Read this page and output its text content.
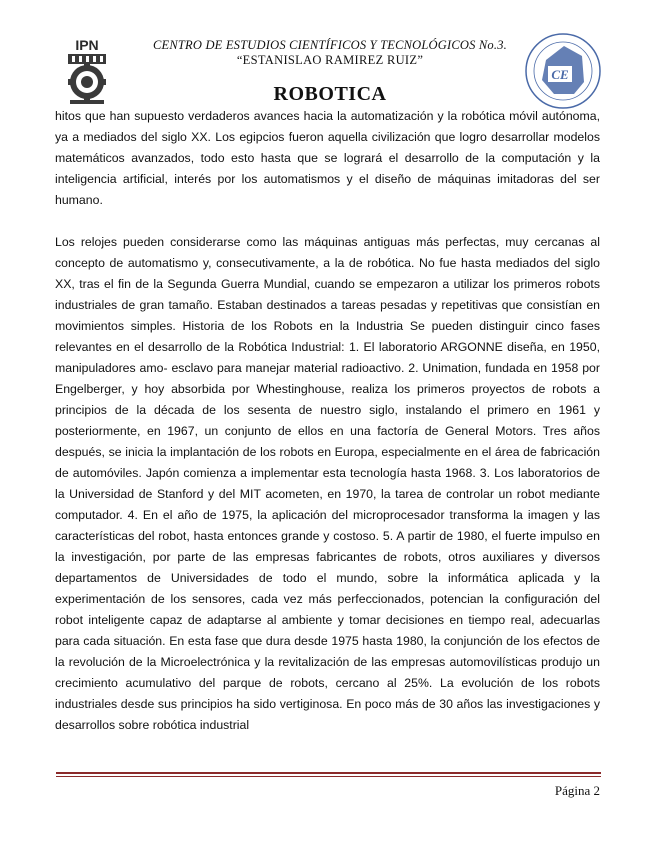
IPN
CE
CENTRO DE ESTUDIOS CIENTÍFICOS Y TECNOLÓGICOS No.3.
“ESTANISLAO RAMIREZ RUIZ”
ROBOTICA

hitos que han supuesto verdaderos avances hacia la automatización y la robótica móvil autónoma, ya a mediados del siglo XX. Los egipcios fueron aquella civilización que logro desarrollar modelos matemáticos avanzados, todo esto hasta que se logrará el desarrollo de la computación y la inteligencia artificial, interés por los automatismos y el diseño de máquinas imitadoras del ser humano.

Los relojes pueden considerarse como las máquinas antiguas más perfectas, muy cercanas al concepto de automatismo y, consecutivamente, a la de robótica. No fue hasta mediados del siglo XX, tras el fin de la Segunda Guerra Mundial, cuando se empezaron a utilizar los primeros robots industriales de gran tamaño. Estaban destinados a tareas pesadas y repetitivas que consistían en movimientos simples. Historia de los Robots en la Industria Se pueden distinguir cinco fases relevantes en el desarrollo de la Robótica Industrial: 1. El laboratorio ARGONNE diseña, en 1950, manipuladores amo- esclavo para manejar material radioactivo. 2. Unimation, fundada en 1958 por Engelberger, y hoy absorbida por Whestinghouse, realiza los primeros proyectos de robots a principios de la década de los sesenta de nuestro siglo, instalando el primero en 1961 y posteriormente, en 1967, un conjunto de ellos en una factoría de General Motors. Tres años después, se inicia la implantación de los robots en Europa, especialmente en el área de fabricación de automóviles. Japón comienza a implementar esta tecnología hasta 1968. 3. Los laboratorios de la Universidad de Stanford y del MIT acometen, en 1970, la tarea de controlar un robot mediante computador. 4. En el año de 1975, la aplicación del microprocesador transforma la imagen y las características del robot, hasta entonces grande y costoso. 5. A partir de 1980, el fuerte impulso en la investigación, por parte de las empresas fabricantes de robots, otros auxiliares y diversos departamentos de Universidades de todo el mundo, sobre la informática aplicada y la experimentación de los sensores, cada vez más perfeccionados, potencian la configuración del robot inteligente capaz de adaptarse al ambiente y tomar decisiones en tiempo real, adecuarlas para cada situación. En esta fase que dura desde 1975 hasta 1980, la conjunción de los efectos de la revolución de la Microelectrónica y la revitalización de las empresas automovilísticas produjo un crecimiento acumulativo del parque de robots, cercano al 25%. La evolución de los robots industriales desde sus principios ha sido vertiginosa. En poco más de 30 años las investigaciones y desarrollos sobre robótica industrial

Página 2
